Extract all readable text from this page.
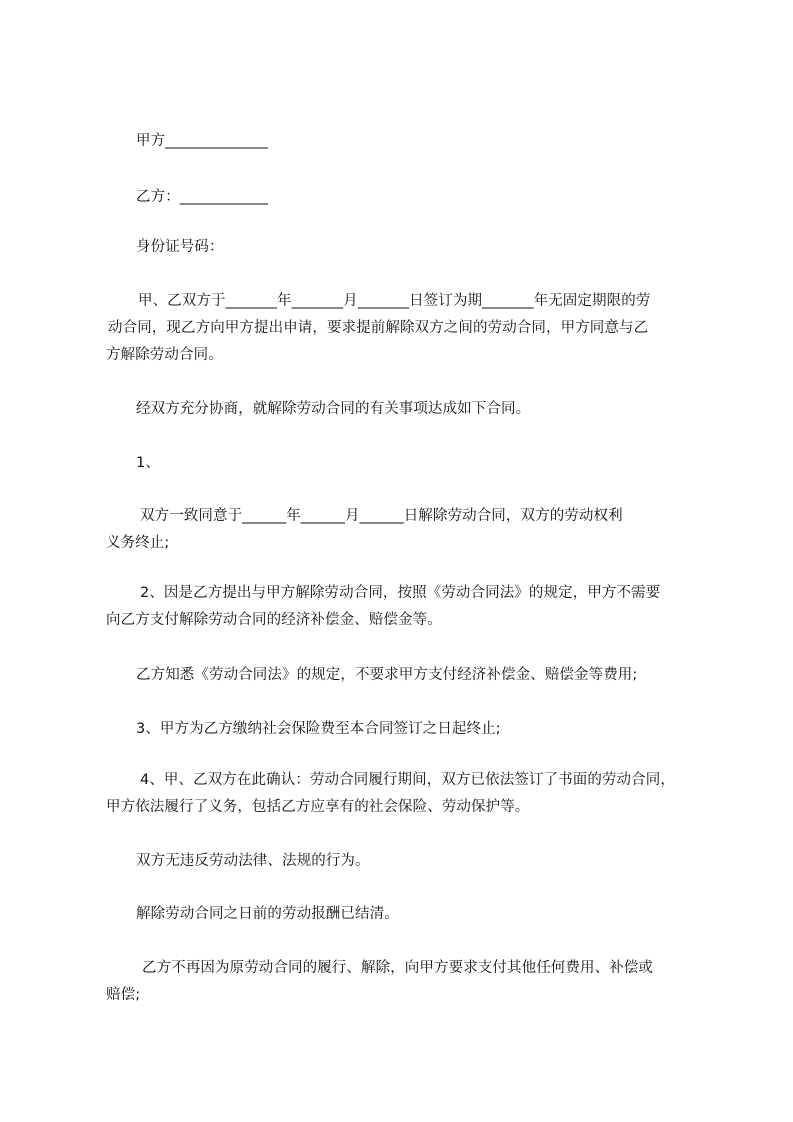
甲方______________
乙方：____________
身份证号码：
甲、乙双方于_______年_______月_______日签订为期_______年无固定期限的劳
动合同，现乙方向甲方提出申请，要求提前解除双方之间的劳动合同，甲方同意与乙
方解除劳动合同。
经双方充分协商，就解除劳动合同的有关事项达成如下合同。
1、
双方一致同意于______年______月______日解除劳动合同，双方的劳动权利
义务终止;
2、因是乙方提出与甲方解除劳动合同，按照《劳动合同法》的规定，甲方不需要
向乙方支付解除劳动合同的经济补偿金、赔偿金等。
乙方知悉《劳动合同法》的规定，不要求甲方支付经济补偿金、赔偿金等费用;
3、甲方为乙方缴纳社会保险费至本合同签订之日起终止;
4、甲、乙双方在此确认：劳动合同履行期间，双方已依法签订了书面的劳动合同，
甲方依法履行了义务，包括乙方应享有的社会保险、劳动保护等。
双方无违反劳动法律、法规的行为。
解除劳动合同之日前的劳动报酬已结清。
乙方不再因为原劳动合同的履行、解除，向甲方要求支付其他任何费用、补偿或
赔偿;
